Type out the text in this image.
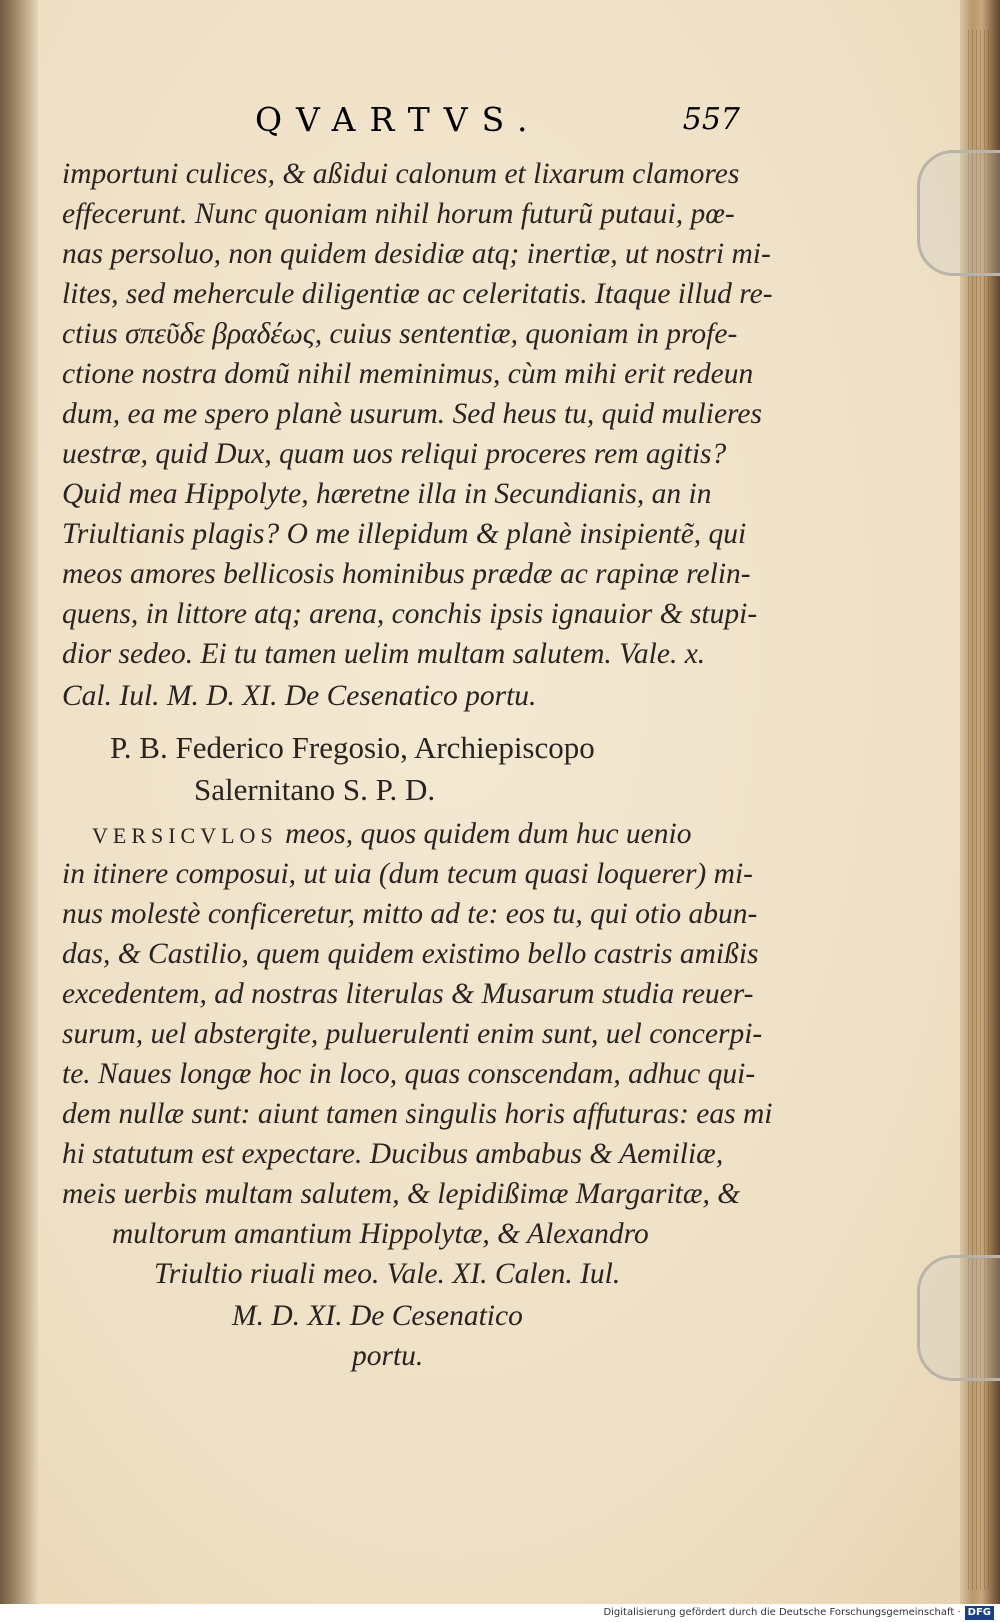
QVARTVS.	557
importuni culices, & aßidui calonum et lixarum clamores
effecerunt. Nunc quoniam nihil horum futurũ putaui, pœ-
nas persoluo, non quidem desidiæ atq; inertiæ, ut nostri mi-
lites, sed mehercule diligentiæ ac celeritatis. Itaque illud re-
ctius σπεῦδε βραδέως, cuius sententiæ, quoniam in profe-
ctione nostra domũ nihil meminimus, cùm mihi erit redeun
dum, ea me spero planè usurum. Sed heus tu, quid mulieres
uestræ, quid Dux, quam uos reliqui proceres rem agitis?
Quid mea Hippolyte, hæretne illa in Secundianis, an in
Triultianis plagis? O me illepidum & planè insipientẽ, qui
meos amores bellicosis hominibus prædæ ac rapinæ relin-
quens, in littore atq; arena, conchis ipsis ignauior & stupi-
dior sedeo. Ei tu tamen uelim multam salutem. Vale. x.
Cal. Iul. M. D. XI. De Cesenatico portu.
P. B. Federico Fregosio, Archiepiscopo
Salernitano S. P. D.
VERSICVLOS meos, quos quidem dum huc uenio
in itinere composui, ut uia (dum tecum quasi loquerer) mi-
nus molestè conficeretur, mitto ad te: eos tu, qui otio abun-
das, & Castilio, quem quidem existimo bello castris amißis
excedentem, ad nostras literulas & Musarum studia reuer-
surum, uel abstergite, puluerulenti enim sunt, uel concerpi-
te. Naues longæ hoc in loco, quas conscendam, adhuc qui-
dem nullæ sunt: aiunt tamen singulis horis affuturas: eas mi
hi statutum est expectare. Ducibus ambabus & Aemiliæ,
meis uerbis multam salutem, & lepidißimæ Margaritæ, &
multorum amantium Hippolytæ, & Alexandro
Triultio riuali meo. Vale. XI. Calen. Iul.
M. D. XI. De Cesenatico
portu.
Digitalisierung gefördert durch die Deutsche Forschungsgemeinschaft · DFG
